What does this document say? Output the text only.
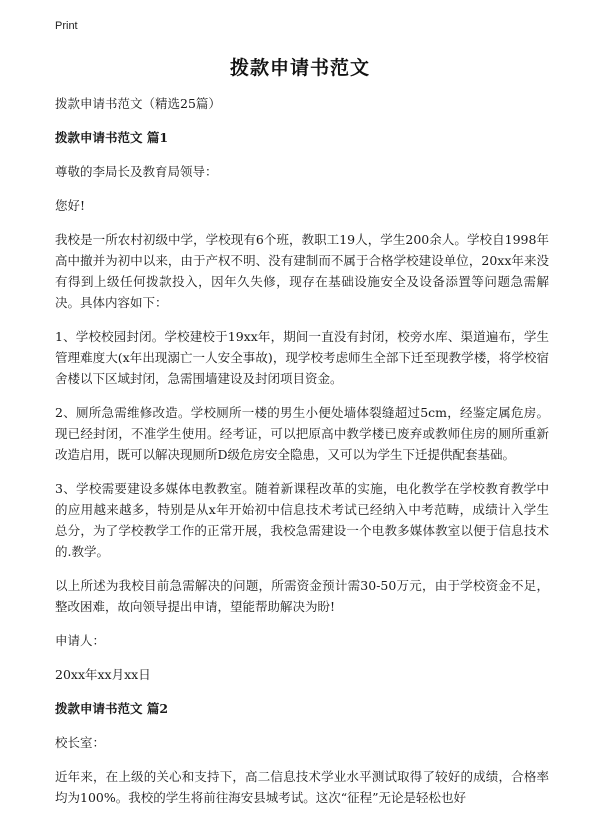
Print
拨款申请书范文

拨款申请书范文（精选25篇）

拨款申请书范文 篇1

尊敬的李局长及教育局领导：

您好!

我校是一所农村初级中学，学校现有6个班，教职工19人，学生200余人。学校自1998年高中撤并为初中以来，由于产权不明、没有建制而不属于合格学校建设单位，20xx年来没有得到上级任何拨款投入，因年久失修，现存在基础设施安全及设备添置等问题急需解决。具体内容如下：

1、学校校园封闭。学校建校于19xx年，期间一直没有封闭，校旁水库、渠道遍布，学生管理难度大(x年出现溺亡一人安全事故)，现学校考虑师生全部下迁至现教学楼，将学校宿舍楼以下区域封闭，急需围墙建设及封闭项目资金。

2、厕所急需维修改造。学校厕所一楼的男生小便处墙体裂缝超过5cm，经鉴定属危房。现已经封闭，不准学生使用。经考证，可以把原高中教学楼已废弃或教师住房的厕所重新改造启用，既可以解决现厕所D级危房安全隐患，又可以为学生下迁提供配套基础。

3、学校需要建设多媒体电教教室。随着新课程改革的实施，电化教学在学校教育教学中的应用越来越多，特别是从x年开始初中信息技术考试已经纳入中考范畴，成绩计入学生总分，为了学校教学工作的正常开展，我校急需建设一个电教多媒体教室以便于信息技术的.教学。

以上所述为我校目前急需解决的问题，所需资金预计需30-50万元，由于学校资金不足，整改困难，故向领导提出申请，望能帮助解决为盼!

申请人：

20xx年xx月xx日

拨款申请书范文 篇2

校长室：

近年来，在上级的关心和支持下，高二信息技术学业水平测试取得了较好的成绩，合格率均为100%。我校的学生将前往海安县城考试。这次“征程”无论是轻松也好
